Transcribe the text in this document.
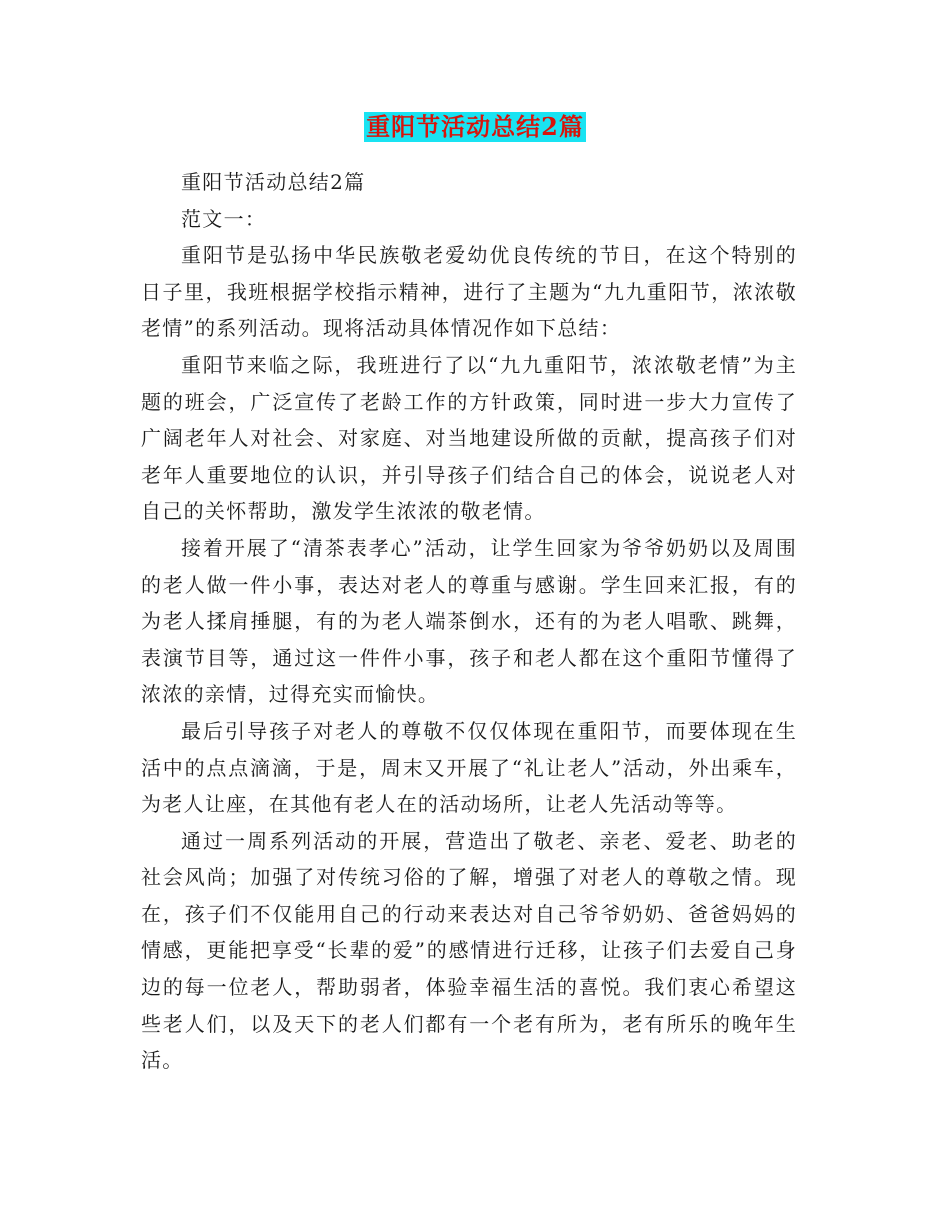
重阳节活动总结2篇

重阳节活动总结2篇

范文一：

重阳节是弘扬中华民族敬老爱幼优良传统的节日，在这个特别的日子里，我班根据学校指示精神，进行了主题为“九九重阳节，浓浓敬老情”的系列活动。现将活动具体情况作如下总结：

重阳节来临之际，我班进行了以“九九重阳节，浓浓敬老情”为主题的班会，广泛宣传了老龄工作的方针政策，同时进一步大力宣传了广阔老年人对社会、对家庭、对当地建设所做的贡献，提高孩子们对老年人重要地位的认识，并引导孩子们结合自己的体会，说说老人对自己的关怀帮助，激发学生浓浓的敬老情。

接着开展了“清茶表孝心”活动，让学生回家为爷爷奶奶以及周围的老人做一件小事，表达对老人的尊重与感谢。学生回来汇报，有的为老人揉肩捶腿，有的为老人端茶倒水，还有的为老人唱歌、跳舞，表演节目等，通过这一件件小事，孩子和老人都在这个重阳节懂得了浓浓的亲情，过得充实而愉快。

最后引导孩子对老人的尊敬不仅仅体现在重阳节，而要体现在生活中的点点滴滴，于是，周末又开展了“礼让老人”活动，外出乘车，为老人让座，在其他有老人在的活动场所，让老人先活动等等。

通过一周系列活动的开展，营造出了敬老、亲老、爱老、助老的社会风尚；加强了对传统习俗的了解，增强了对老人的尊敬之情。现在，孩子们不仅能用自己的行动来表达对自己爷爷奶奶、爸爸妈妈的情感，更能把享受“长辈的爱”的感情进行迁移，让孩子们去爱自己身边的每一位老人，帮助弱者，体验幸福生活的喜悦。我们衷心希望这些老人们，以及天下的老人们都有一个老有所为，老有所乐的晚年生活。
